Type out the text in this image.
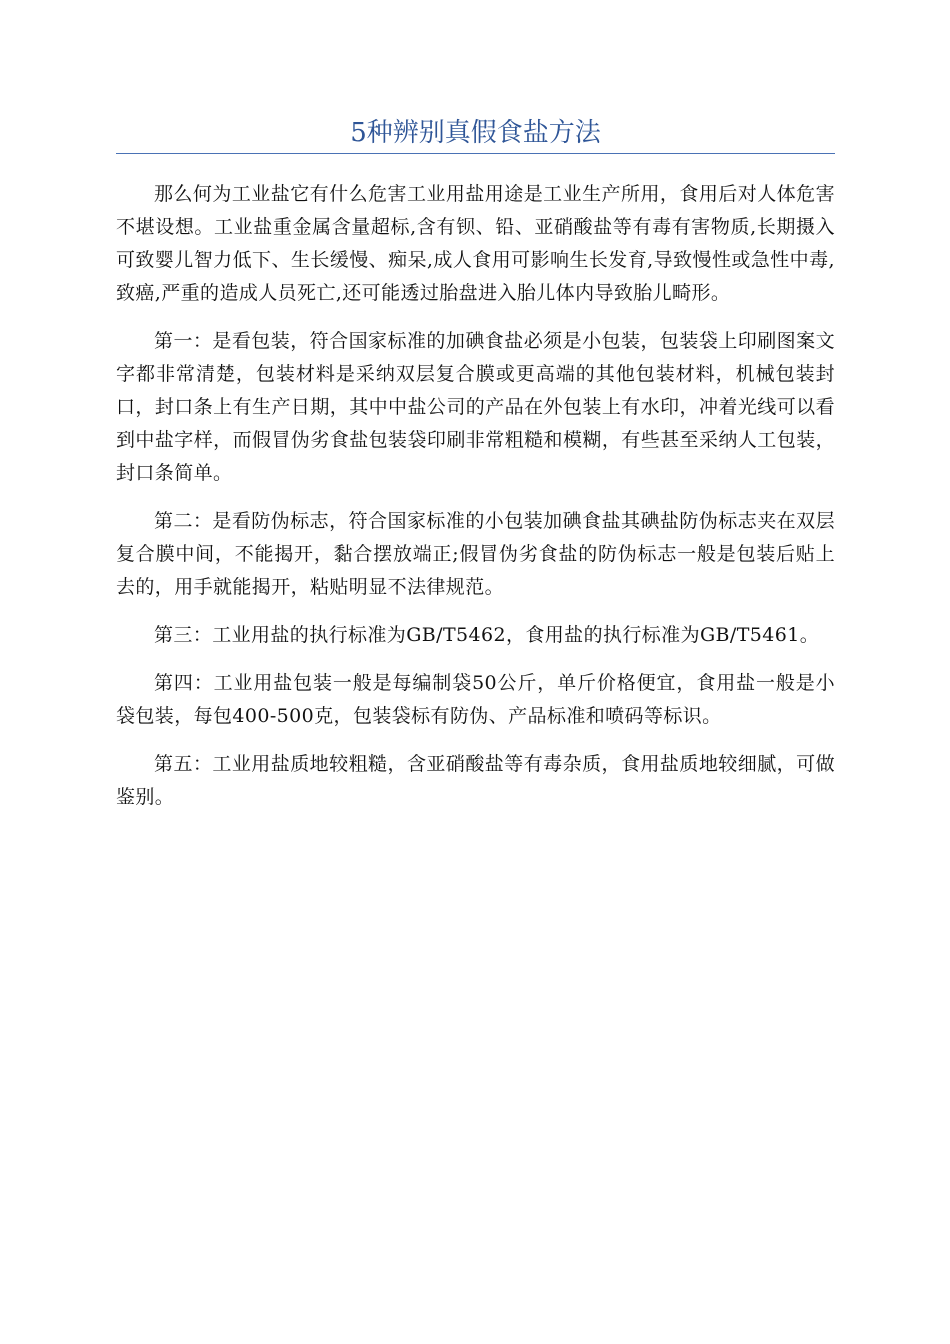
5种辨别真假食盐方法

那么何为工业盐它有什么危害工业用盐用途是工业生产所用，食用后对人体危害不堪设想。工业盐重金属含量超标,含有钡、铅、亚硝酸盐等有毒有害物质,长期摄入可致婴儿智力低下、生长缓慢、痴呆,成人食用可影响生长发育,导致慢性或急性中毒,致癌,严重的造成人员死亡,还可能透过胎盘进入胎儿体内导致胎儿畸形。

第一：是看包装，符合国家标准的加碘食盐必须是小包装，包装袋上印刷图案文字都非常清楚，包装材料是采纳双层复合膜或更高端的其他包装材料，机械包装封口，封口条上有生产日期，其中中盐公司的产品在外包装上有水印，冲着光线可以看到中盐字样，而假冒伪劣食盐包装袋印刷非常粗糙和模糊，有些甚至采纳人工包装，封口条简单。

第二：是看防伪标志，符合国家标准的小包装加碘食盐其碘盐防伪标志夹在双层复合膜中间，不能揭开，黏合摆放端正;假冒伪劣食盐的防伪标志一般是包装后贴上去的，用手就能揭开，粘贴明显不法律规范。

第三：工业用盐的执行标准为GB/T5462，食用盐的执行标准为GB/T5461。

第四：工业用盐包装一般是每编制袋50公斤，单斤价格便宜，食用盐一般是小袋包装，每包400-500克，包装袋标有防伪、产品标准和喷码等标识。

第五：工业用盐质地较粗糙，含亚硝酸盐等有毒杂质，食用盐质地较细腻，可做鉴别。
